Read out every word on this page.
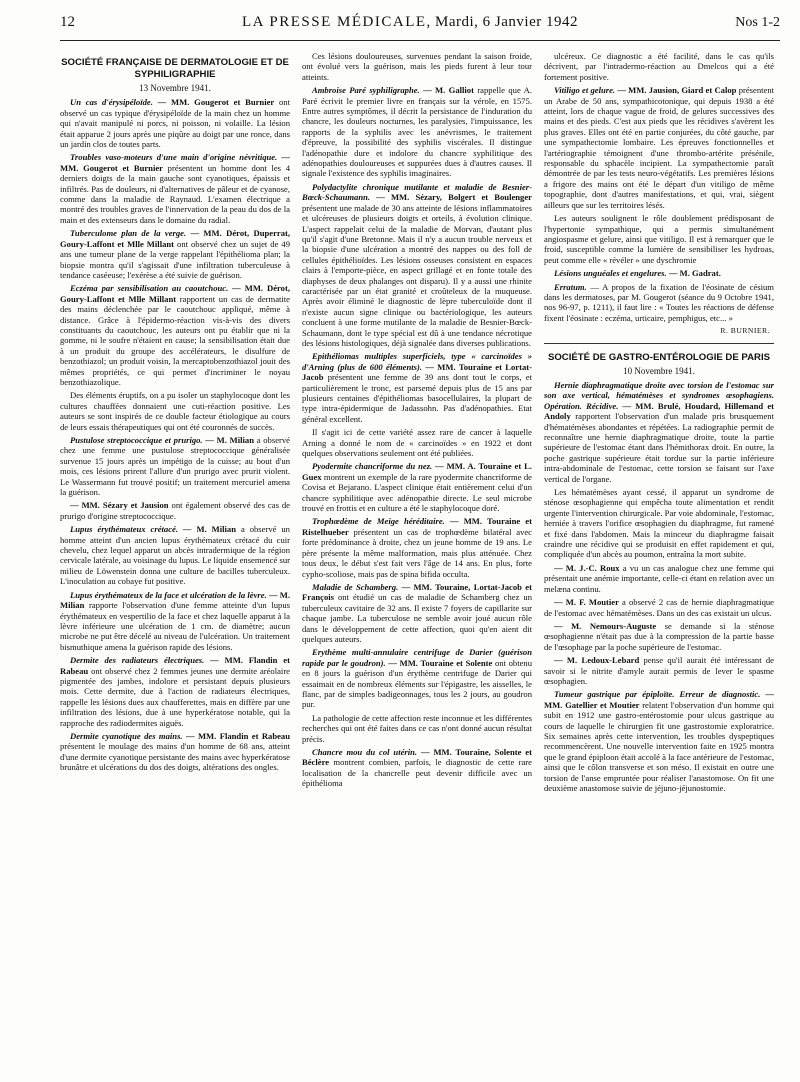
12	LA PRESSE MÉDICALE, Mardi, 6 Janvier 1942	Nos 1-2
SOCIÉTÉ FRANÇAISE DE DERMATOLOGIE ET DE SYPHILIGRAPHIE
13 Novembre 1941.

Un cas d'érysipéloïde. — MM. Gougerot et Burnier ont observé un cas typique d'érysipéloïde de la main chez un homme qui n'avait manipulé ni porcs, ni poisson, ni volaille. La lésion était apparue 2 jours après une piqûre au doigt par une ronce, dans un jardin clos de toutes parts.

Troubles vaso-moteurs d'une main d'origine névritique. — MM. Gougerot et Burnier présentent un homme dont les 4 derniers doigts de la main gauche sont cyanotiques, épaissis et infiltrés. Pas de douleurs, ni d'alternatives de pâleur et de cyanose, comme dans la maladie de Raynaud. L'examen électrique a montré des troubles graves de l'innervation de la peau du dos de la main et des extenseurs dans le domaine du radial.

Tuberculome plan de la verge. — MM. Dérot, Duperrat, Goury-Laffont et Mlle Millant ont observé chez un sujet de 49 ans une tumeur plane de la verge rappelant l'épithélioma plan; la biopsie montra qu'il s'agissait d'une infiltration tuberculeuse à tendance caséeuse; l'exérèse a été suivie de guérison.

Eczéma par sensibilisation au caoutchouc. — MM. Dérot, Goury-Laffont et Mlle Millant rapportent un cas de dermatite des mains déclenchée par le caoutchouc appliqué, même à distance. Grâce à l'épidermo-réaction vis-à-vis des divers constituants du caoutchouc, les auteurs ont pu établir que ni la gomme, ni le soufre n'étaient en cause; la sensibilisation était due à un produit du groupe des accélérateurs, le disulfure de benzothiazol; un produit voisin, la mercaptobenzothiazol jouit des mêmes propriétés, ce qui permet d'incriminer le noyau benzothiazolique.

Des éléments éruptifs, on a pu isoler un staphylocoque dont les cultures chauffées donnaient une cuti-réaction positive. Les auteurs se sont inspirés de ce double facteur étiologique au cours de leurs essais thérapeutiques qui ont été couronnés de succès.

Pustulose streptococcique et prurigo. — M. Milian a observé chez une femme une pustulose streptococcique généralisée survenue 15 jours après un impétigo de la cuisse; au bout d'un mois, ces lésions prirent l'allure d'un prurigo avec prurit violent. Le Wassermann fut trouvé positif; un traitement mercuriel amena la guérison.

— MM. Sézary et Jausion ont également observé des cas de prurigo d'origine streptococcique.

Lupus érythémateux crétacé. — M. Milian a observé un homme atteint d'un ancien lupus érythémateux crétacé du cuir chevelu, chez lequel apparut un abcès intradermique de la région cervicale latérale, au voisinage du lupus. Le liquide ensemencé sur milieu de Löwenstein donna une culture de bacilles tuberculeux. L'inoculation au cobaye fut positive.

Lupus érythémateux de la face et ulcération de la lèvre. — M. Milian rapporte l'observation d'une femme atteinte d'un lupus érythémateux en vespertilio de la face et chez laquelle apparut à la lèvre inférieure une ulcération de 1 cm. de diamètre; aucun microbe ne put être décelé au niveau de l'ulcération. Un traitement bismuthique amena la guérison rapide des lésions.

Dermite des radiateurs électriques. — MM. Flandin et Rabeau ont observé chez 2 femmes jeunes une dermite aréolaire pigmentée des jambes, indolore et persistant depuis plusieurs mois. Cette dermite, due à l'action de radiateurs électriques, rappelle les lésions dues aux chaufferettes, mais en diffère par une infiltration des lésions, due à une hyperkératose notable, qui la rapproche des radiodermites aiguës.

Dermite cyanotique des mains. — MM. Flandin et Rabeau présentent le moulage des mains d'un homme de 68 ans, atteint d'une dermite cyanotique persistante des mains avec hyperkératose brunâtre et ulcérations du dos des doigts, altérations des ongles.

Ces lésions douloureuses, survenues pendant la saison froide, ont évolué vers la guérison, mais les pieds furent à leur tour atteints.

Ambroise Paré syphiligraphe. — M. Galliot rappelle que A. Paré écrivit le premier livre en français sur la vérole, en 1575. Entre autres symptômes, il décrit la persistance de l'induration du chancre, les douleurs nocturnes, les paralysies, l'impuissance, les rapports de la syphilis avec les anévrismes, le traitement d'épreuve, la possibilité des syphilis viscérales. Il distingue l'adénopathie dure et indolore du chancre syphilitique des adénopathies douloureuses et suppurées dues à d'autres causes. Il signale l'existence des syphilis imaginaires.

Polydactylite chronique mutilante et maladie de Besnier-Bœck-Schaumann. — MM. Sézary, Bolgert et Boulenger présentent une malade de 30 ans atteinte de lésions inflammatoires et ulcéreuses de plusieurs doigts et orteils, à évolution clinique. L'aspect rappelait celui de la maladie de Morvan, d'autant plus qu'il s'agit d'une Bretonne. Mais il n'y a aucun trouble nerveux et la biopsie d'une ulcération a montré des nappes ou des foll de cellules épithélioïdes. Les lésions osseuses consistent en espaces clairs à l'emporte-pièce, en aspect grillagé et en fonte totale des diaphyses de deux phalanges ont disparu). Il y a aussi une rhinite caractérisée par un état granité et croûteleux de la muqueuse. Après avoir éliminé le diagnostic de lèpre tuberculoïde dont il n'existe aucun signe clinique ou bactériologique, les auteurs concluent à une forme mutilante de la maladie de Besnier-Bœck-Schaumann, dont le type spécial est dû à une tendance nécrotique des lésions histologiques, déjà signalée dans diverses publications.

Epithéliomas multiples superficiels, type « carcinoïdes » d'Arning (plus de 600 éléments). — MM. Touraine et Lortat-Jacob présentent une femme de 39 ans dont tout le corps, et particulièrement le tronc, est parsemé depuis plus de 15 ans par plusieurs centaines d'épithéliomas basocellulaires, la plupart de type intra-épidermique de Jadassohn. Pas d'adénopathies. Etat général excellent.

Il s'agit ici de cette variété assez rare de cancer à laquelle Arning a donné le nom de « carcinoïdes » en 1922 et dont quelques observations seulement ont été publiées.

Pyodermite chancriforme du nez. — MM. A. Touraine et L. Guex montrent un exemple de la rare pyodermite chancriforme de Covisa et Bejarano. L'aspect clinique était entièrement celui d'un chancre syphilitique avec adénopathie directe. Le seul microbe trouvé en frottis et en culture a été le staphylocoque doré.

Trophœdème de Meige héréditaire. — MM. Touraine et Ristelhueber présentent un cas de trophœdème bilatéral avec forte prédominance à droite, chez un jeune homme de 19 ans. Le père présente la même malformation, mais plus atténuée. Chez tous deux, le début s'est fait vers l'âge de 14 ans. En plus, forte cypho-scoliose, mais pas de spina bifida occulta.

Maladie de Schamberg. — MM. Touraine, Lortat-Jacob et François ont étudié un cas de maladie de Schamberg chez un tuberculeux cavitaire de 32 ans. Il existe 7 foyers de capillarite sur chaque jambe. La tuberculose ne semble avoir joué aucun rôle dans le développement de cette affection, quoi qu'en aient dit quelques auteurs.

Erythème multi-annulaire centrifuge de Darier (guérison rapide par le goudron). — MM. Touraine et Solente ont obtenu en 8 jours la guérison d'un érythème centrifuge de Darier qui essaimait en de nombreux éléments sur l'épigastre, les aisselles, le flanc, par de simples badigeonnages, tous les 2 jours, au goudron pur.

La pathologie de cette affection reste inconnue et les différentes recherches qui ont été faites dans ce cas n'ont donné aucun résultat précis.

Chancre mou du col utérin. — MM. Touraine, Solente et Béclère montrent combien, parfois, le diagnostic de cette rare localisation de la chancrelle peut devenir difficile avec un épithélioma

ulcéreux. Ce diagnostic a été facilité, dans le cas qu'ils décrivent, par l'intradermo-réaction au Dmelcos qui a été fortement positive.

Vitiligo et gelure. — MM. Jausion, Giard et Calop présentent un Arabe de 50 ans, sympathicotonique, qui depuis 1938 a été atteint, lors de chaque vague de froid, de gelures successives des mains et des pieds. C'est aux pieds que les récidives s'avèrent les plus graves. Elles ont été en partie conjurées, du côté gauche, par une sympathectomie lombaire. Les épreuves fonctionnelles et l'artériographie témoignent d'une thrombo-artérite présénile, responsable du sphacèle incipient. La sympathectomie paraît démontrée de par les tests neuro-végétatifs. Les premières lésions a frigore des mains ont été le départ d'un vitiligo de même topographie, dont d'autres manifestations, et qui, vrai, siègent ailleurs que sur les territoires lésés.

Les auteurs soulignent le rôle doublement prédisposant de l'hypertonie sympathique, qui a permis simultanément angiospasme et gelure, ainsi que vitiligo. Il est à remarquer que le froid, susceptible comme la lumière de sensibiliser les hydroas, peut comme elle « révéler » une dyschromie

Lésions unguéales et engelures. — M. Gadrat.

Erratum. — A propos de la fixation de l'éosinate de césium dans les dermatoses, par M. Gougerot (séance du 9 Octobre 1941, nos 96-97, p. 1211), il faut lire : « Toutes les réactions de défense fixent l'éosinate : eczéma, urticaire, pemphigus, etc... »

R. BURNIER.
SOCIÉTÉ DE GASTRO-ENTÉROLOGIE DE PARIS
10 Novembre 1941.

Hernie diaphragmatique droite avec torsion de l'estomac sur son axe vertical, hématémèses et syndromes œsophagiens. Opération. Récidive. — MM. Brulé, Houdard, Hillemand et Andoly rapportent l'observation d'un malade pris brusquement d'hématémèses abondantes et répétées. La radiographie permit de reconnaître une hernie diaphragmatique droite, toute la partie supérieure de l'estomac étant dans l'hémithorax droit. En outre, la poche gastrique supérieure était tordue sur la partie inférieure intra-abdominale de l'estomac, cette torsion se faisant sur l'axe vertical de l'organe.

Les hématémèses ayant cessé, il apparut un syndrome de sténose œsophagienne qui empêcha toute alimentation et rendit urgente l'intervention chirurgicale. Par voie abdominale, l'estomac, herniée à travers l'orifice œsophagien du diaphragme, fut ramené et fixé dans l'abdomen. Mais la minceur du diaphragme faisait craindre une récidive qui se produisit en effet rapidement et qui, compliquée d'un abcès au poumon, entraîna la mort subite.

— M. J.-C. Roux a vu un cas analogue chez une femme qui présentait une anémie importante, celle-ci étant en relation avec un melæna continu.

— M. F. Moutier a observé 2 cas de hernie diaphragmatique de l'estomac avec hématémèses. Dans un des cas existait un ulcus.

— M. Nemours-Auguste se demande si la sténose œsophagienne n'était pas due à la compression de la partie basse de l'œsophage par la poche supérieure de l'estomac.

— M. Ledoux-Lebard pense qu'il aurait été intéressant de savoir si le nitrite d'amyle aurait permis de lever le spasme œsophagien.

Tumeur gastrique par épiploïte. Erreur de diagnostic. — MM. Gatellier et Moutier relatent l'observation d'un homme qui subit en 1912 une gastro-entérostomie pour ulcus gastrique au cours de laquelle le chirurgien fit une gastrostomie exploratrice. Six semaines après cette intervention, les troubles dyspeptiques recommencèrent. Une nouvelle intervention faite en 1925 montra que le grand épiploon était accolé à la face antérieure de l'estomac, ainsi que le côlon transverse et son méso. Il existait en outre une torsion de l'anse empruntée pour réaliser l'anastomose. On fit une deuxième anastomose suivie de jéjuno-jéjunostomie.
